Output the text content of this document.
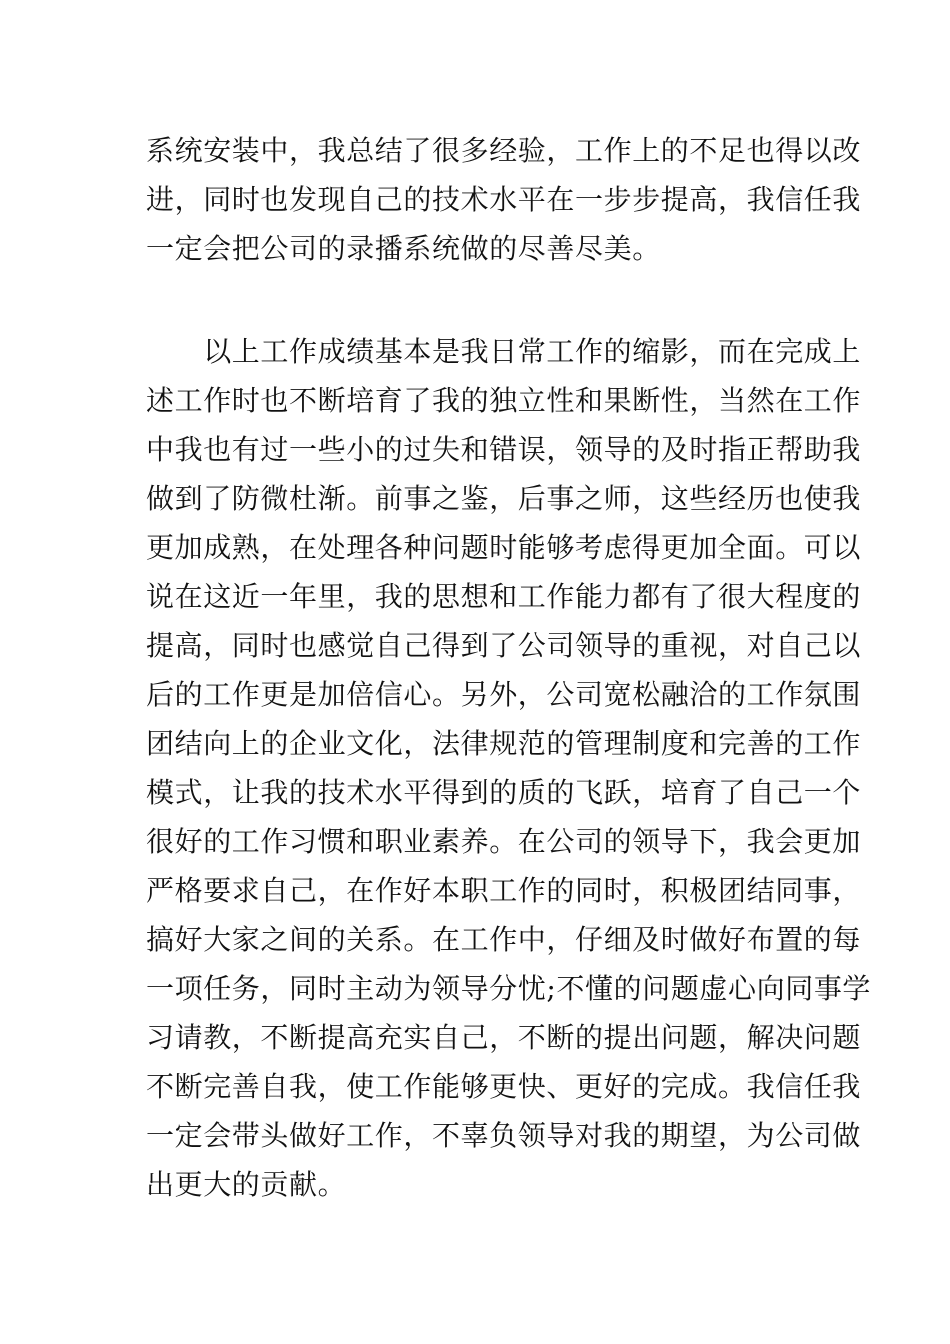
系统安装中，我总结了很多经验，工作上的不足也得以改
进，同时也发现自己的技术水平在一步步提高，我信任我
一定会把公司的录播系统做的尽善尽美。

　　以上工作成绩基本是我日常工作的缩影，而在完成上
述工作时也不断培育了我的独立性和果断性，当然在工作
中我也有过一些小的过失和错误，领导的及时指正帮助我
做到了防微杜渐。前事之鉴，后事之师，这些经历也使我
更加成熟，在处理各种问题时能够考虑得更加全面。可以
说在这近一年里，我的思想和工作能力都有了很大程度的
提高，同时也感觉自己得到了公司领导的重视，对自己以
后的工作更是加倍信心。另外，公司宽松融洽的工作氛围
团结向上的企业文化，法律规范的管理制度和完善的工作
模式，让我的技术水平得到的质的飞跃，培育了自己一个
很好的工作习惯和职业素养。在公司的领导下，我会更加
严格要求自己，在作好本职工作的同时，积极团结同事，
搞好大家之间的关系。在工作中，仔细及时做好布置的每
一项任务，同时主动为领导分忧;不懂的问题虚心向同事学
习请教，不断提高充实自己，不断的提出问题，解决问题
不断完善自我，使工作能够更快、更好的完成。我信任我
一定会带头做好工作，不辜负领导对我的期望，为公司做
出更大的贡献。
